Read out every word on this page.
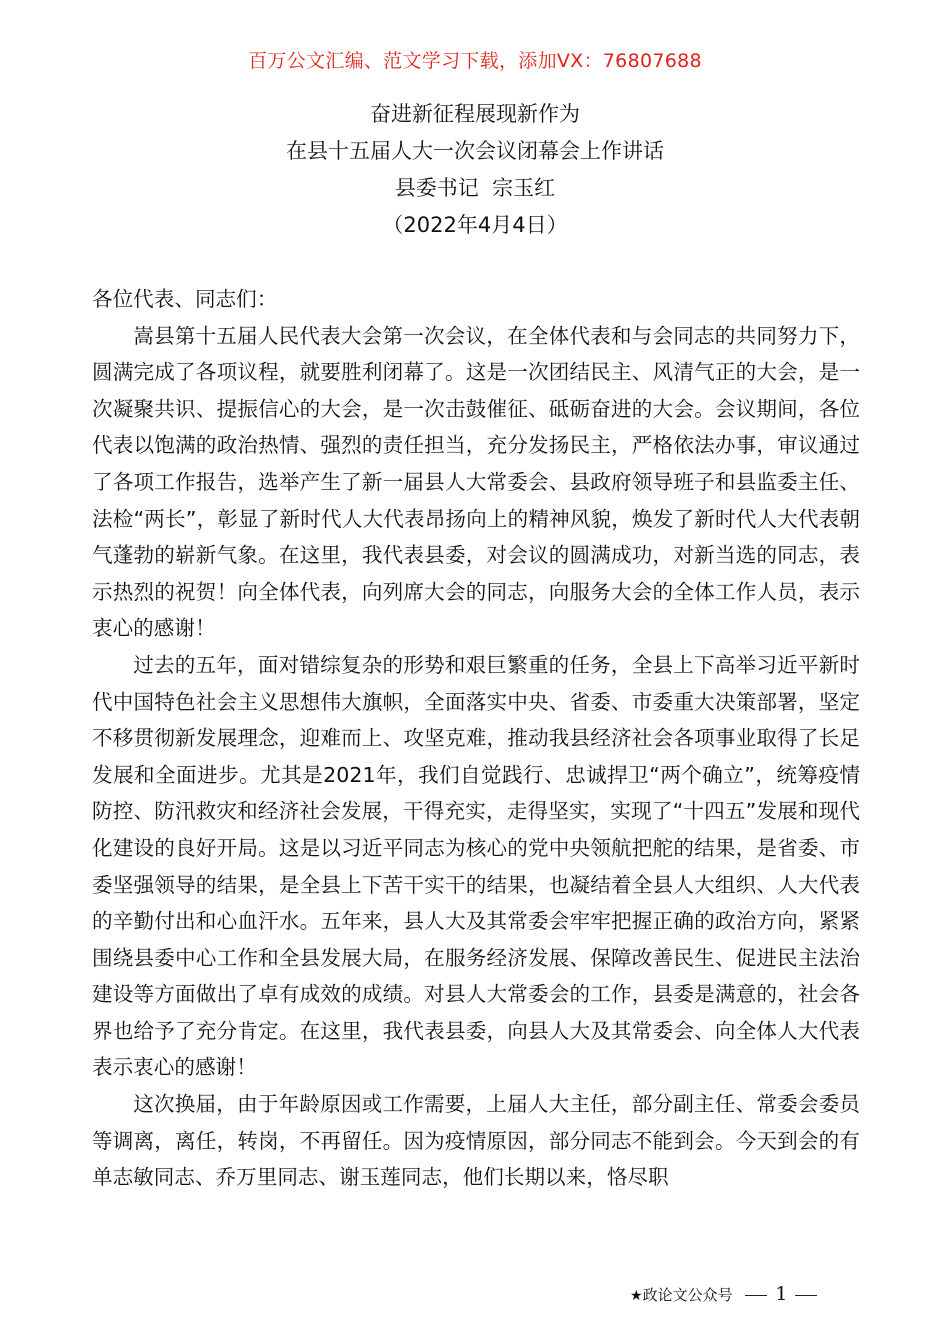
百万公文汇编、范文学习下载，添加VX：76807688
奋进新征程展现新作为
在县十五届人大一次会议闭幕会上作讲话
县委书记  宗玉红
（2022年4月4日）

各位代表、同志们：

嵩县第十五届人民代表大会第一次会议，在全体代表和与会同志的共同努力下，圆满完成了各项议程，就要胜利闭幕了。这是一次团结民主、风清气正的大会，是一次凝聚共识、提振信心的大会，是一次击鼓催征、砥砺奋进的大会。会议期间，各位代表以饱满的政治热情、强烈的责任担当，充分发扬民主，严格依法办事，审议通过了各项工作报告，选举产生了新一届县人大常委会、县政府领导班子和县监委主任、法检“两长”，彰显了新时代人大代表昂扬向上的精神风貌，焕发了新时代人大代表朝气蓬勃的崭新气象。在这里，我代表县委，对会议的圆满成功，对新当选的同志，表示热烈的祝贺！向全体代表，向列席大会的同志，向服务大会的全体工作人员，表示衷心的感谢！

过去的五年，面对错综复杂的形势和艰巨繁重的任务，全县上下高举习近平新时代中国特色社会主义思想伟大旗帜，全面落实中央、省委、市委重大决策部署，坚定不移贯彻新发展理念，迎难而上、攻坚克难，推动我县经济社会各项事业取得了长足发展和全面进步。尤其是2021年，我们自觉践行、忠诚捍卫“两个确立”，统筹疫情防控、防汛救灾和经济社会发展，干得充实，走得坚实，实现了“十四五”发展和现代化建设的良好开局。这是以习近平同志为核心的党中央领航把舵的结果，是省委、市委坚强领导的结果，是全县上下苦干实干的结果，也凝结着全县人大组织、人大代表的辛勤付出和心血汗水。五年来，县人大及其常委会牢牢把握正确的政治方向，紧紧围绕县委中心工作和全县发展大局，在服务经济发展、保障改善民生、促进民主法治建设等方面做出了卓有成效的成绩。对县人大常委会的工作，县委是满意的，社会各界也给予了充分肯定。在这里，我代表县委，向县人大及其常委会、向全体人大代表表示衷心的感谢！

这次换届，由于年龄原因或工作需要，上届人大主任，部分副主任、常委会委员等调离，离任，转岗，不再留任。因为疫情原因，部分同志不能到会。今天到会的有单志敏同志、乔万里同志、谢玉莲同志，他们长期以来，恪尽职

★政论文公众号 1
